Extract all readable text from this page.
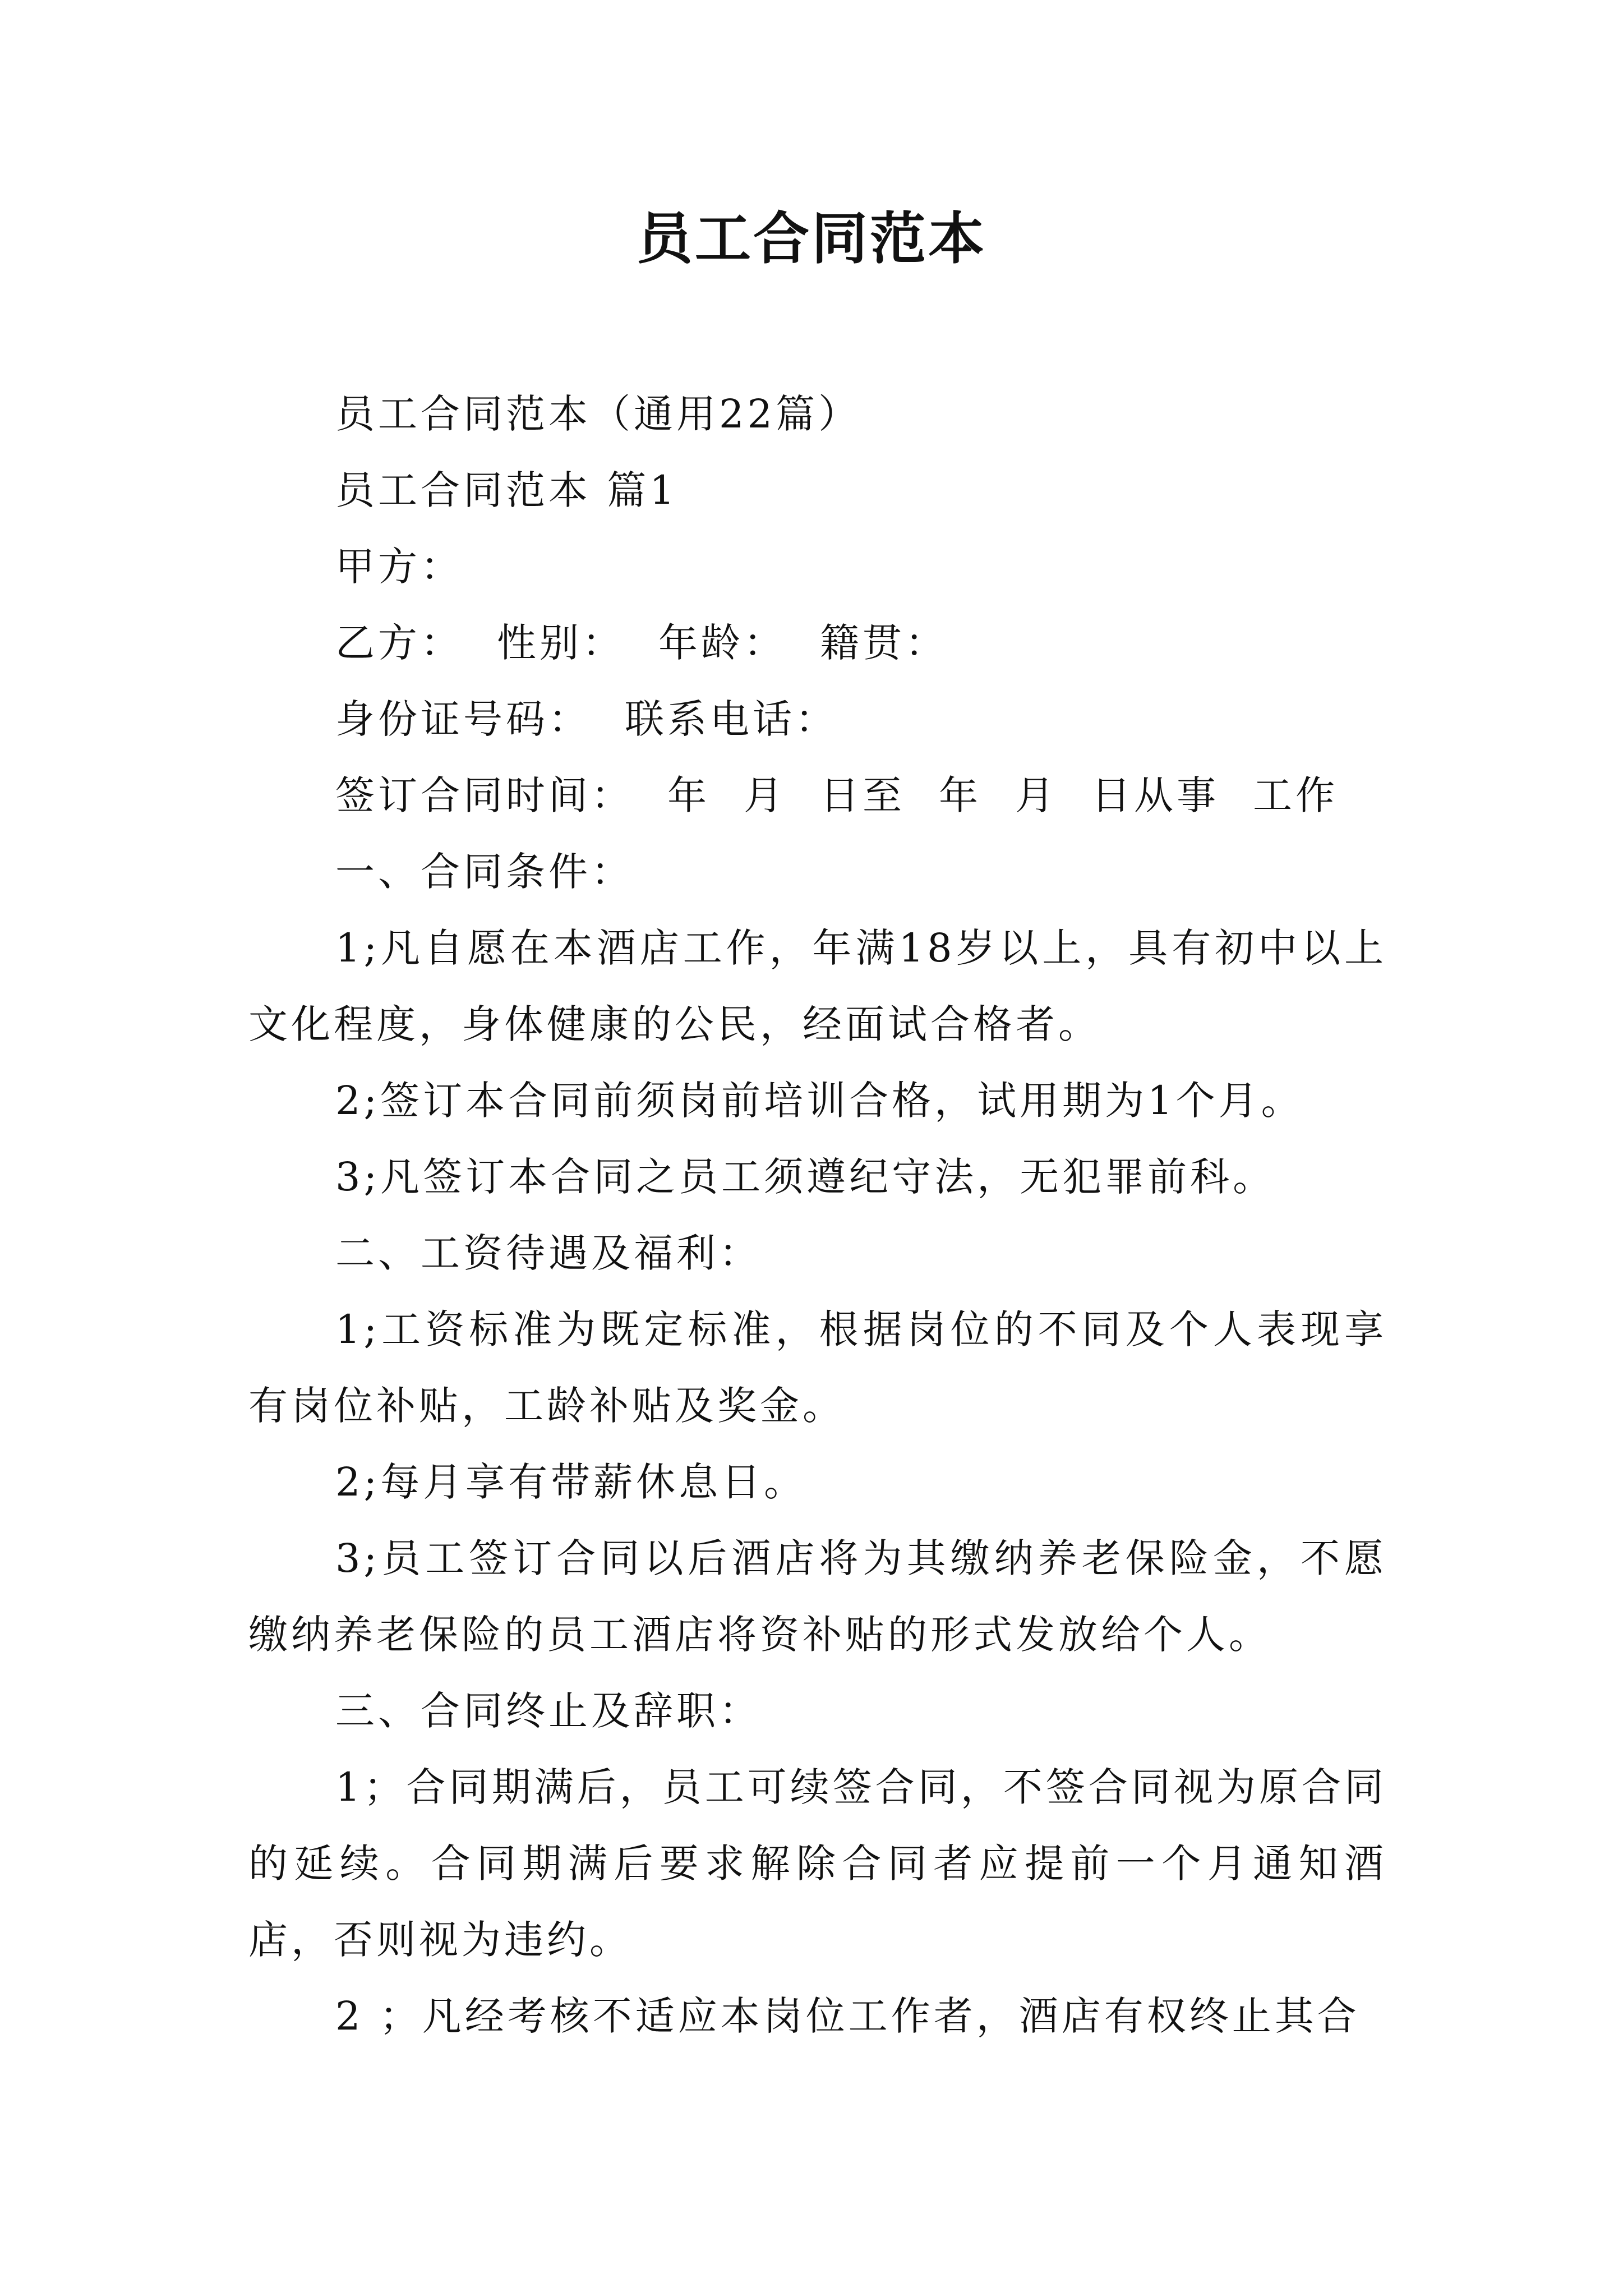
员工合同范本
员工合同范本（通用22篇）
员工合同范本 篇1
甲方：
乙方： 性别： 年龄： 籍贯：
身份证号码： 联系电话：
签订合同时间： 年 月 日至 年 月 日从事 工作
一、合同条件：
1;凡自愿在本酒店工作，年满18岁以上，具有初中以上文化程度，身体健康的公民，经面试合格者。
2;签订本合同前须岗前培训合格，试用期为1个月。
3;凡签订本合同之员工须遵纪守法，无犯罪前科。
二、工资待遇及福利：
1;工资标准为既定标准，根据岗位的不同及个人表现享有岗位补贴，工龄补贴及奖金。
2;每月享有带薪休息日。
3;员工签订合同以后酒店将为其缴纳养老保险金，不愿缴纳养老保险的员工酒店将资补贴的形式发放给个人。
三、合同终止及辞职：
1；合同期满后，员工可续签合同，不签合同视为原合同的延续。合同期满后要求解除合同者应提前一个月通知酒店，否则视为违约。
2 ；凡经考核不适应本岗位工作者，酒店有权终止其合
